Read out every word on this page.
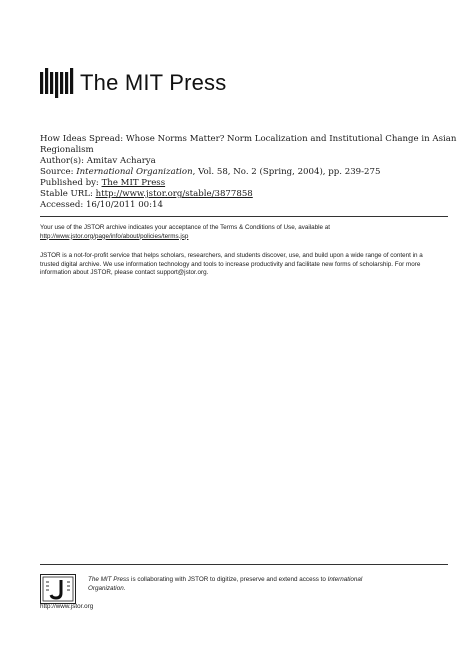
The MIT Press
How Ideas Spread: Whose Norms Matter? Norm Localization and Institutional Change in Asian
Regionalism
Author(s): Amitav Acharya
Source: International Organization, Vol. 58, No. 2 (Spring, 2004), pp. 239-275
Published by: The MIT Press
Stable URL: http://www.jstor.org/stable/3877858
Accessed: 16/10/2011 00:14
Your use of the JSTOR archive indicates your acceptance of the Terms & Conditions of Use, available at
http://www.jstor.org/page/info/about/policies/terms.jsp
JSTOR is a not-for-profit service that helps scholars, researchers, and students discover, use, and build upon a wide range of content in a trusted digital archive. We use information technology and tools to increase productivity and facilitate new forms of scholarship. For more information about JSTOR, please contact support@jstor.org.
http://www.jstor.org
The MIT Press is collaborating with JSTOR to digitize, preserve and extend access to International Organization.
